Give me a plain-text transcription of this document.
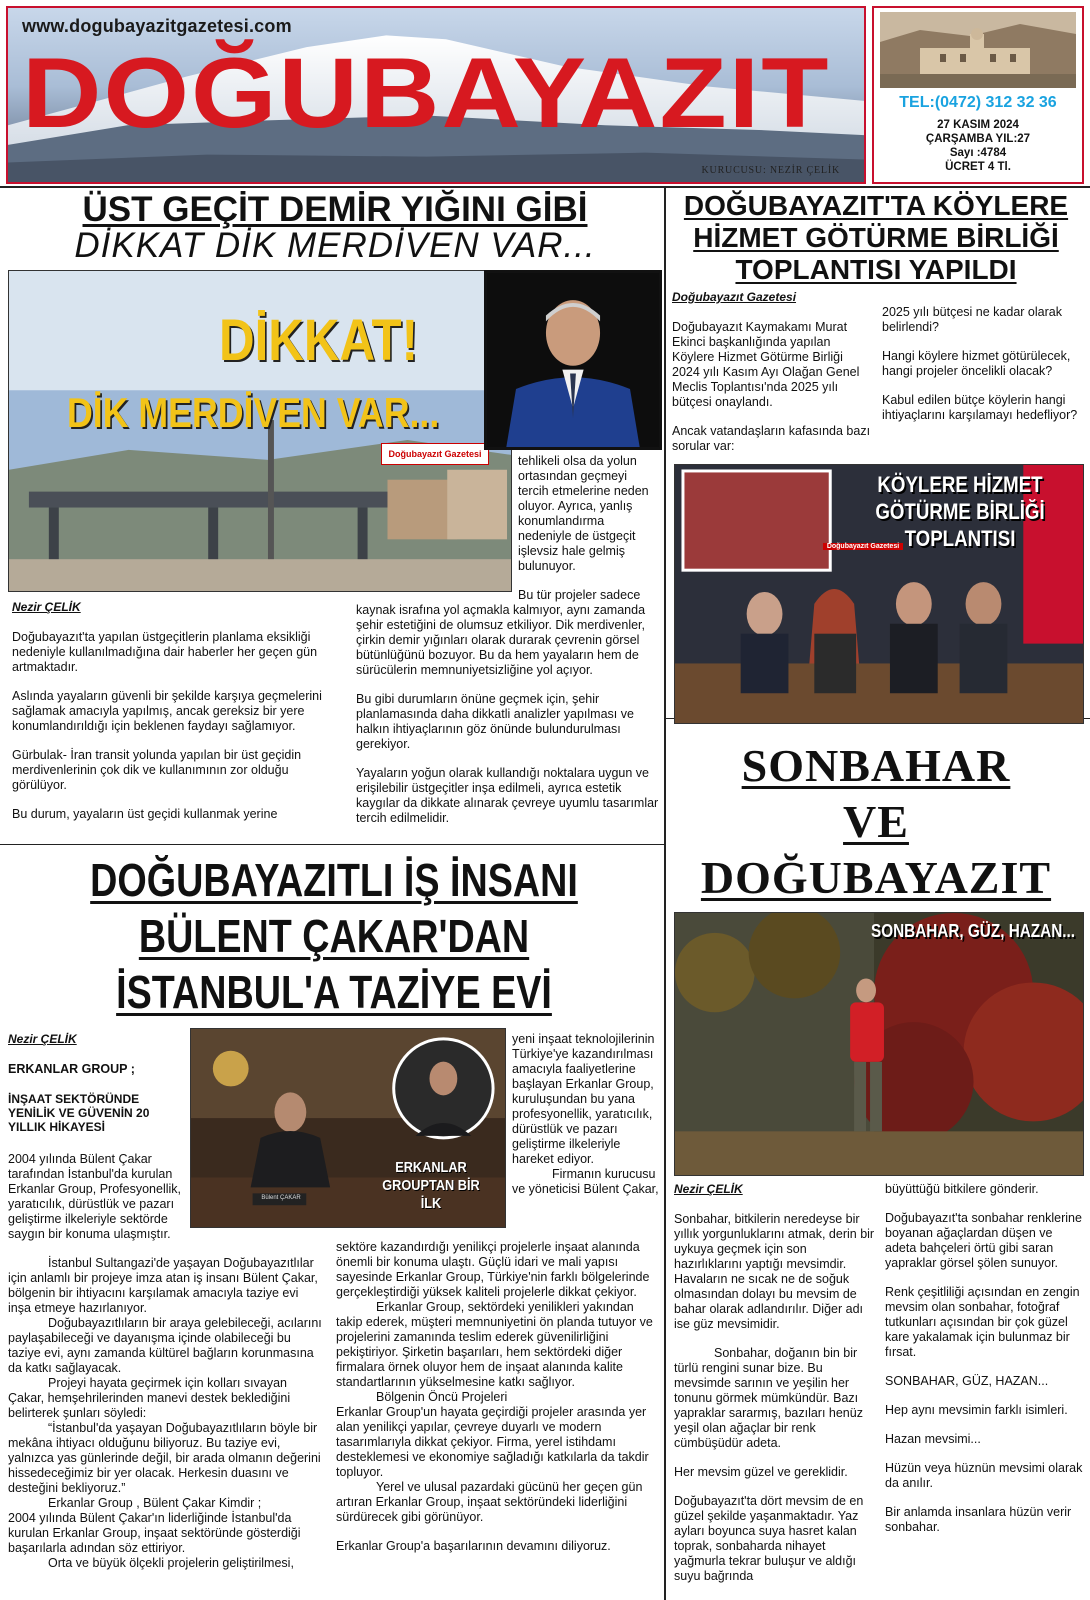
www.dogubayazitgazetesi.com
DOĞUBAYAZIT
KURUCUSU: NEZİR ÇELİK
TEL:(0472) 312 32 36
27 KASIM 2024
ÇARŞAMBA YIL:27
Sayı :4784
ÜCRET 4 Tl.
ÜST GEÇİT DEMİR YIĞINI GİBİ
DİKKAT DİK MERDİVEN VAR...
DİKKAT!
DİK MERDİVEN VAR...
Doğubayazıt Gazetesi
Nezir ÇELİK

Doğubayazıt'ta yapılan üstgeçitlerin planlama eksikliği nedeniyle kullanılmadığına dair haberler her geçen gün artmaktadır.

Aslında yayaların güvenli bir şekilde karşıya geçmelerini sağlamak amacıyla yapılmış, ancak gereksiz bir yere konumlandırıldığı için beklenen faydayı sağlamıyor.

Gürbulak- İran transit yolunda yapılan bir üst geçidin merdivenlerinin çok dik ve kullanımının zor olduğu görülüyor.

Bu durum, yayaların üst geçidi kullanmak yerine

tehlikeli olsa da yolun ortasından geçmeyi tercih etmelerine neden oluyor. Ayrıca, yanlış konumlandırma nedeniyle de üstgeçit işlevsiz hale gelmiş bulunuyor.

Bu tür projeler sadece

kaynak israfına yol açmakla kalmıyor, aynı zamanda şehir estetiğini de olumsuz etkiliyor. Dik merdivenler, çirkin demir yığınları olarak durarak çevrenin görsel bütünlüğünü bozuyor. Bu da hem yayaların hem de sürücülerin memnuniyetsizliğine yol açıyor.

Bu gibi durumların önüne geçmek için, şehir planlamasında daha dikkatli analizler yapılması ve halkın ihtiyaçlarının göz önünde bulundurulması gerekiyor.

Yayaların yoğun olarak kullandığı noktalara uygun ve erişilebilir üstgeçitler inşa edilmeli, ayrıca estetik kaygılar da dikkate alınarak çevreye uyumlu tasarımlar tercih edilmelidir.

DOĞUBAYAZIT'TA KÖYLERE HİZMET GÖTÜRME BİRLİĞİ TOPLANTISI YAPILDI
Doğubayazıt Gazetesi

Doğubayazıt Kaymakamı Murat Ekinci başkanlığında yapılan Köylere Hizmet Götürme Birliği 2024 yılı Kasım Ayı Olağan Genel Meclis Toplantısı'nda 2025 yılı bütçesi onaylandı.

Ancak vatandaşların kafasında bazı sorular var:

2025 yılı bütçesi ne kadar olarak belirlendi?

Hangi köylere hizmet götürülecek, hangi projeler öncelikli olacak?

Kabul edilen bütçe köylerin hangi ihtiyaçlarını karşılamayı hedefliyor?

KÖYLERE HİZMET GÖTÜRME BİRLİĞİ TOPLANTISI
Doğubayazıt Gazetesi
SONBAHAR
VE
DOĞUBAYAZIT
SONBAHAR, GÜZ, HAZAN...
Nezir ÇELİK

Sonbahar, bitkilerin neredeyse bir yıllık yorgunluklarını atmak, derin bir uykuya geçmek için son hazırlıklarını yaptığı mevsimdir. Havaların ne sıcak ne de soğuk olmasından dolayı bu mevsim de bahar olarak adlandırılır. Diğer adı ise güz mevsimidir.

Sonbahar, doğanın bin bir türlü rengini sunar bize. Bu mevsimde sarının ve yeşilin her tonunu görmek mümkündür. Bazı yapraklar sararmış, bazıları henüz yeşil olan ağaçlar bir renk cümbüşüdür adeta.

Her mevsim güzel ve gereklidir.

Doğubayazıt'ta dört mevsim de en güzel şekilde yaşanmaktadır. Yaz ayları boyunca suya hasret kalan toprak, sonbaharda nihayet yağmurla tekrar buluşur ve aldığı suyu bağrında

büyüttüğü bitkilere gönderir.

Doğubayazıt'ta sonbahar renklerine boyanan ağaçlardan düşen ve adeta bahçeleri örtü gibi saran yapraklar görsel şölen sunuyor.

Renk çeşitliliği açısından en zengin mevsim olan sonbahar, fotoğraf tutkunları açısından bir çok güzel kare yakalamak için bulunmaz bir fırsat.

SONBAHAR, GÜZ, HAZAN...

Hep aynı mevsimin farklı isimleri.

Hazan mevsimi...

Hüzün veya hüznün mevsimi olarak da anılır.

Bir anlamda insanlara hüzün verir sonbahar.

DOĞUBAYAZITLI İŞ İNSANI
BÜLENT ÇAKAR'DAN
İSTANBUL'A TAZİYE EVİ
Nezir ÇELİK
ERKANLAR GROUP ;
İNŞAAT SEKTÖRÜNDE YENİLİK VE GÜVENİN 20 YILLIK HİKAYESİ
ERKANLAR GROUPTAN BİR İLK
Bülent ÇAKAR
2004 yılında Bülent Çakar tarafından İstanbul'da kurulan Erkanlar Group, Profesyonellik, yaratıcılık, dürüstlük ve pazarı geliştirme ilkeleriyle sektörde saygın bir konuma ulaşmıştır.

İstanbul Sultangazi'de yaşayan Doğubayazıtlılar için anlamlı bir projeye imza atan iş insanı Bülent Çakar, bölgenin bir ihtiyacını karşılamak amacıyla taziye evi inşa etmeye hazırlanıyor.

Doğubayazıtlıların bir araya gelebileceği, acılarını paylaşabileceği ve dayanışma içinde olabileceği bu taziye evi, aynı zamanda kültürel bağların korunmasına da katkı sağlayacak.

Projeyi hayata geçirmek için kolları sıvayan Çakar, hemşehrilerinden manevi destek beklediğini belirterek şunları söyledi:

“İstanbul'da yaşayan Doğubayazıtlıların böyle bir mekâna ihtiyacı olduğunu biliyoruz. Bu taziye evi, yalnızca yas günlerinde değil, bir arada olmanın değerini hissedeceğimiz bir yer olacak. Herkesin duasını ve desteğini bekliyoruz.”

Erkanlar Group , Bülent Çakar Kimdir ;

2004 yılında Bülent Çakar'ın liderliğinde İstanbul'da kurulan Erkanlar Group, inşaat sektöründe gösterdiği başarılarla adından söz ettiriyor.

Orta ve büyük ölçekli projelerin geliştirilmesi,

yeni inşaat teknolojilerinin Türkiye'ye kazandırılması amacıyla faaliyetlerine başlayan Erkanlar Group, kuruluşundan bu yana profesyonellik, yaratıcılık, dürüstlük ve pazarı geliştirme ilkeleriyle hareket ediyor.

Firmanın kurucusu ve yöneticisi Bülent Çakar,

sektöre kazandırdığı yenilikçi projelerle inşaat alanında önemli bir konuma ulaştı. Güçlü idari ve mali yapısı sayesinde Erkanlar Group, Türkiye'nin farklı bölgelerinde gerçekleştirdiği yüksek kaliteli projelerle dikkat çekiyor.

Erkanlar Group, sektördeki yenilikleri yakından takip ederek, müşteri memnuniyetini ön planda tutuyor ve projelerini zamanında teslim ederek güvenilirliğini pekiştiriyor. Şirketin başarıları, hem sektördeki diğer firmalara örnek oluyor hem de inşaat alanında kalite standartlarının yükselmesine katkı sağlıyor.

Bölgenin Öncü Projeleri

Erkanlar Group'un hayata geçirdiği projeler arasında yer alan yenilikçi yapılar, çevreye duyarlı ve modern tasarımlarıyla dikkat çekiyor. Firma, yerel istihdamı desteklemesi ve ekonomiye sağladığı katkılarla da takdir topluyor.

Yerel ve ulusal pazardaki gücünü her geçen gün artıran Erkanlar Group, inşaat sektöründeki liderliğini sürdürecek gibi görünüyor.

Erkanlar Group'a başarılarının devamını diliyoruz.
